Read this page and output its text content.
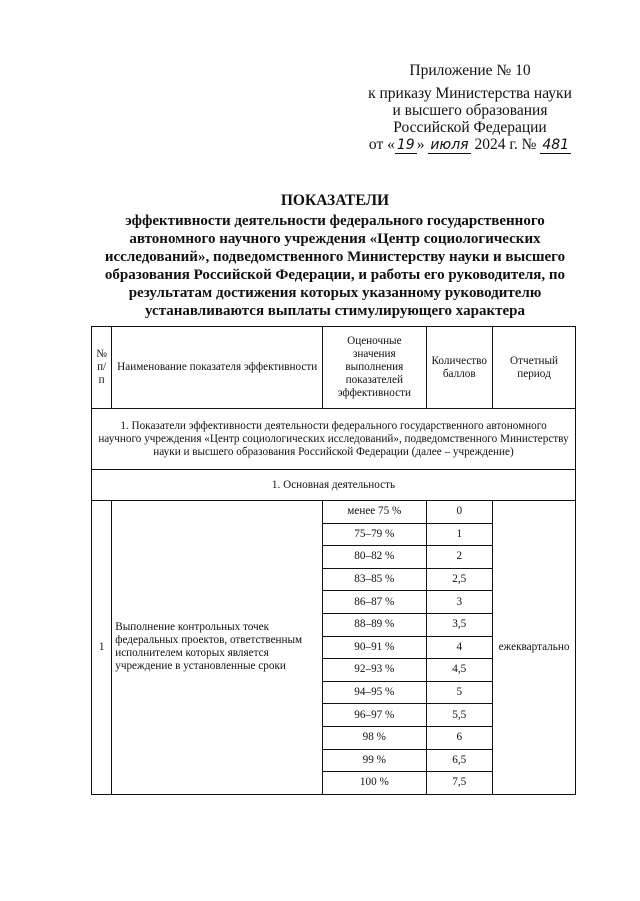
Приложение № 10
к приказу Министерства науки
и высшего образования
Российской Федерации
от « 19 » июля 2024 г. № 481
ПОКАЗАТЕЛИ
эффективности деятельности федерального государственного автономного научного учреждения «Центр социологических исследований», подведомственного Министерству науки и высшего образования Российской Федерации, и работы его руководителя, по результатам достижения которых указанному руководителю устанавливаются выплаты стимулирующего характера
№ п/п	Наименование показателя эффективности	Оценочные значения выполнения показателей эффективности	Количество баллов	Отчетный период
1. Показатели эффективности деятельности федерального государственного автономного научного учреждения «Центр социологических исследований», подведомственного Министерству науки и высшего образования Российской Федерации (далее – учреждение)				
1. Основная деятельность				
1	Выполнение контрольных точек федеральных проектов, ответственным исполнителем которых является учреждение в установленные сроки	менее 75 %	0	ежеквартально
		75–79 %	1	
		80–82 %	2	
		83–85 %	2,5	
		86–87 %	3	
		88–89 %	3,5	
		90–91 %	4	
		92–93 %	4,5	
		94–95 %	5	
		96–97 %	5,5	
		98 %	6	
		99 %	6,5	
		100 %	7,5	
